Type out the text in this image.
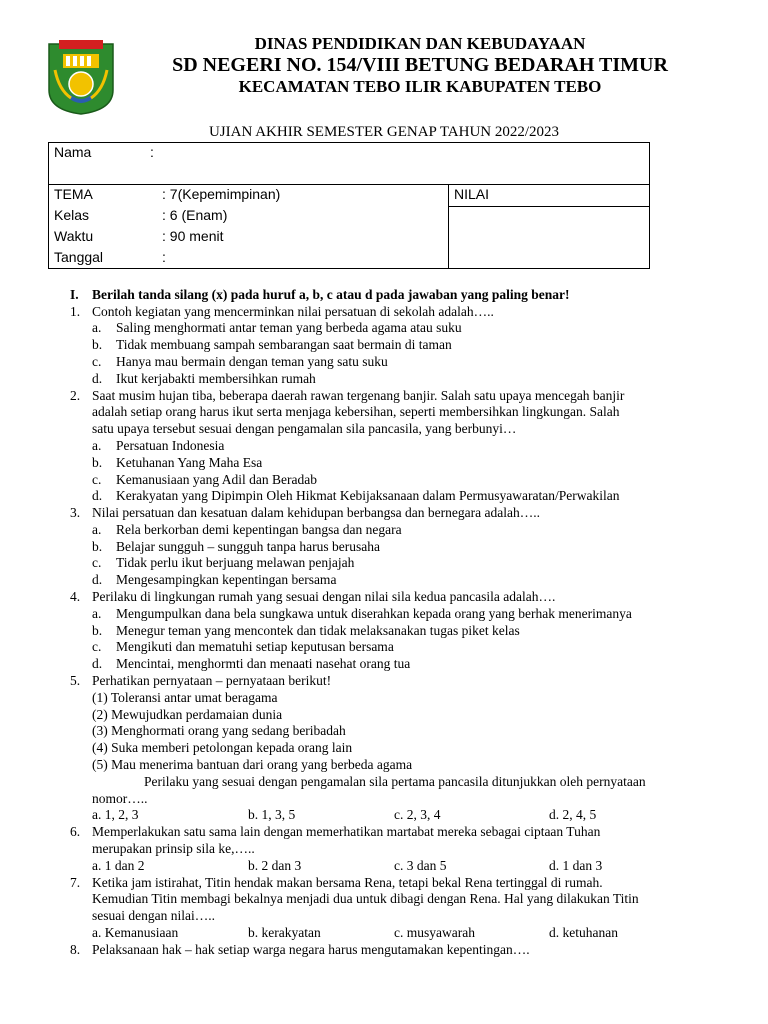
DINAS PENDIDIKAN DAN KEBUDAYAAN
SD NEGERI NO. 154/VIII BETUNG BEDARAH TIMUR
KECAMATAN TEBO ILIR KABUPATEN TEBO
UJIAN AKHIR SEMESTER GENAP TAHUN 2022/2023
Nama	:
TEMA	: 7(Kepemimpinan)	NILAI
Kelas	: 6 (Enam)
Waktu	: 90 menit
Tanggal	:
I. Berilah tanda silang (x) pada huruf a, b, c atau d pada jawaban yang paling benar!
1. Contoh kegiatan yang mencerminkan nilai persatuan di sekolah adalah…..
a. Saling menghormati antar teman yang berbeda agama atau suku
b. Tidak membuang sampah sembarangan saat bermain di taman
c. Hanya mau bermain dengan teman yang satu suku
d. Ikut kerjabakti membersihkan rumah
2. Saat musim hujan tiba, beberapa daerah rawan tergenang banjir. Salah satu upaya mencegah banjir
adalah setiap orang harus ikut serta menjaga kebersihan, seperti membersihkan lingkungan. Salah
satu upaya tersebut sesuai dengan pengamalan sila pancasila, yang berbunyi…
a. Persatuan Indonesia
b. Ketuhanan Yang Maha Esa
c. Kemanusiaan yang Adil dan Beradab
d. Kerakyatan yang Dipimpin Oleh Hikmat Kebijaksanaan dalam Permusyawaratan/Perwakilan
3. Nilai persatuan dan kesatuan dalam kehidupan berbangsa dan bernegara adalah…..
a. Rela berkorban demi kepentingan bangsa dan negara
b. Belajar sungguh – sungguh tanpa harus berusaha
c. Tidak perlu ikut berjuang melawan penjajah
d. Mengesampingkan kepentingan bersama
4. Perilaku di lingkungan rumah yang sesuai dengan nilai sila kedua pancasila adalah….
a. Mengumpulkan dana bela sungkawa untuk diserahkan kepada orang yang berhak menerimanya
b. Menegur teman yang mencontek dan tidak melaksanakan tugas piket kelas
c. Mengikuti dan mematuhi setiap keputusan bersama
d. Mencintai, menghormti dan menaati nasehat orang tua
5. Perhatikan pernyataan – pernyataan berikut!
(1) Toleransi antar umat beragama
(2) Mewujudkan perdamaian dunia
(3) Menghormati orang yang sedang beribadah
(4) Suka memberi petolongan kepada orang lain
(5) Mau menerima bantuan dari orang yang berbeda agama
Perilaku yang sesuai dengan pengamalan sila pertama pancasila ditunjukkan oleh pernyataan
nomor…..
a. 1, 2, 3	b. 1, 3, 5	c. 2, 3, 4	d. 2, 4, 5
6. Memperlakukan satu sama lain dengan memerhatikan martabat mereka sebagai ciptaan Tuhan
merupakan prinsip sila ke,…..
a. 1 dan 2	b. 2 dan 3	c. 3 dan 5	d. 1 dan 3
7. Ketika jam istirahat, Titin hendak makan bersama Rena, tetapi bekal Rena tertinggal di rumah.
Kemudian Titin membagi bekalnya menjadi dua untuk dibagi dengan Rena. Hal yang dilakukan Titin
sesuai dengan nilai…..
a. Kemanusiaan	b. kerakyatan	c. musyawarah	d. ketuhanan
8. Pelaksanaan hak – hak setiap warga negara harus mengutamakan kepentingan….
